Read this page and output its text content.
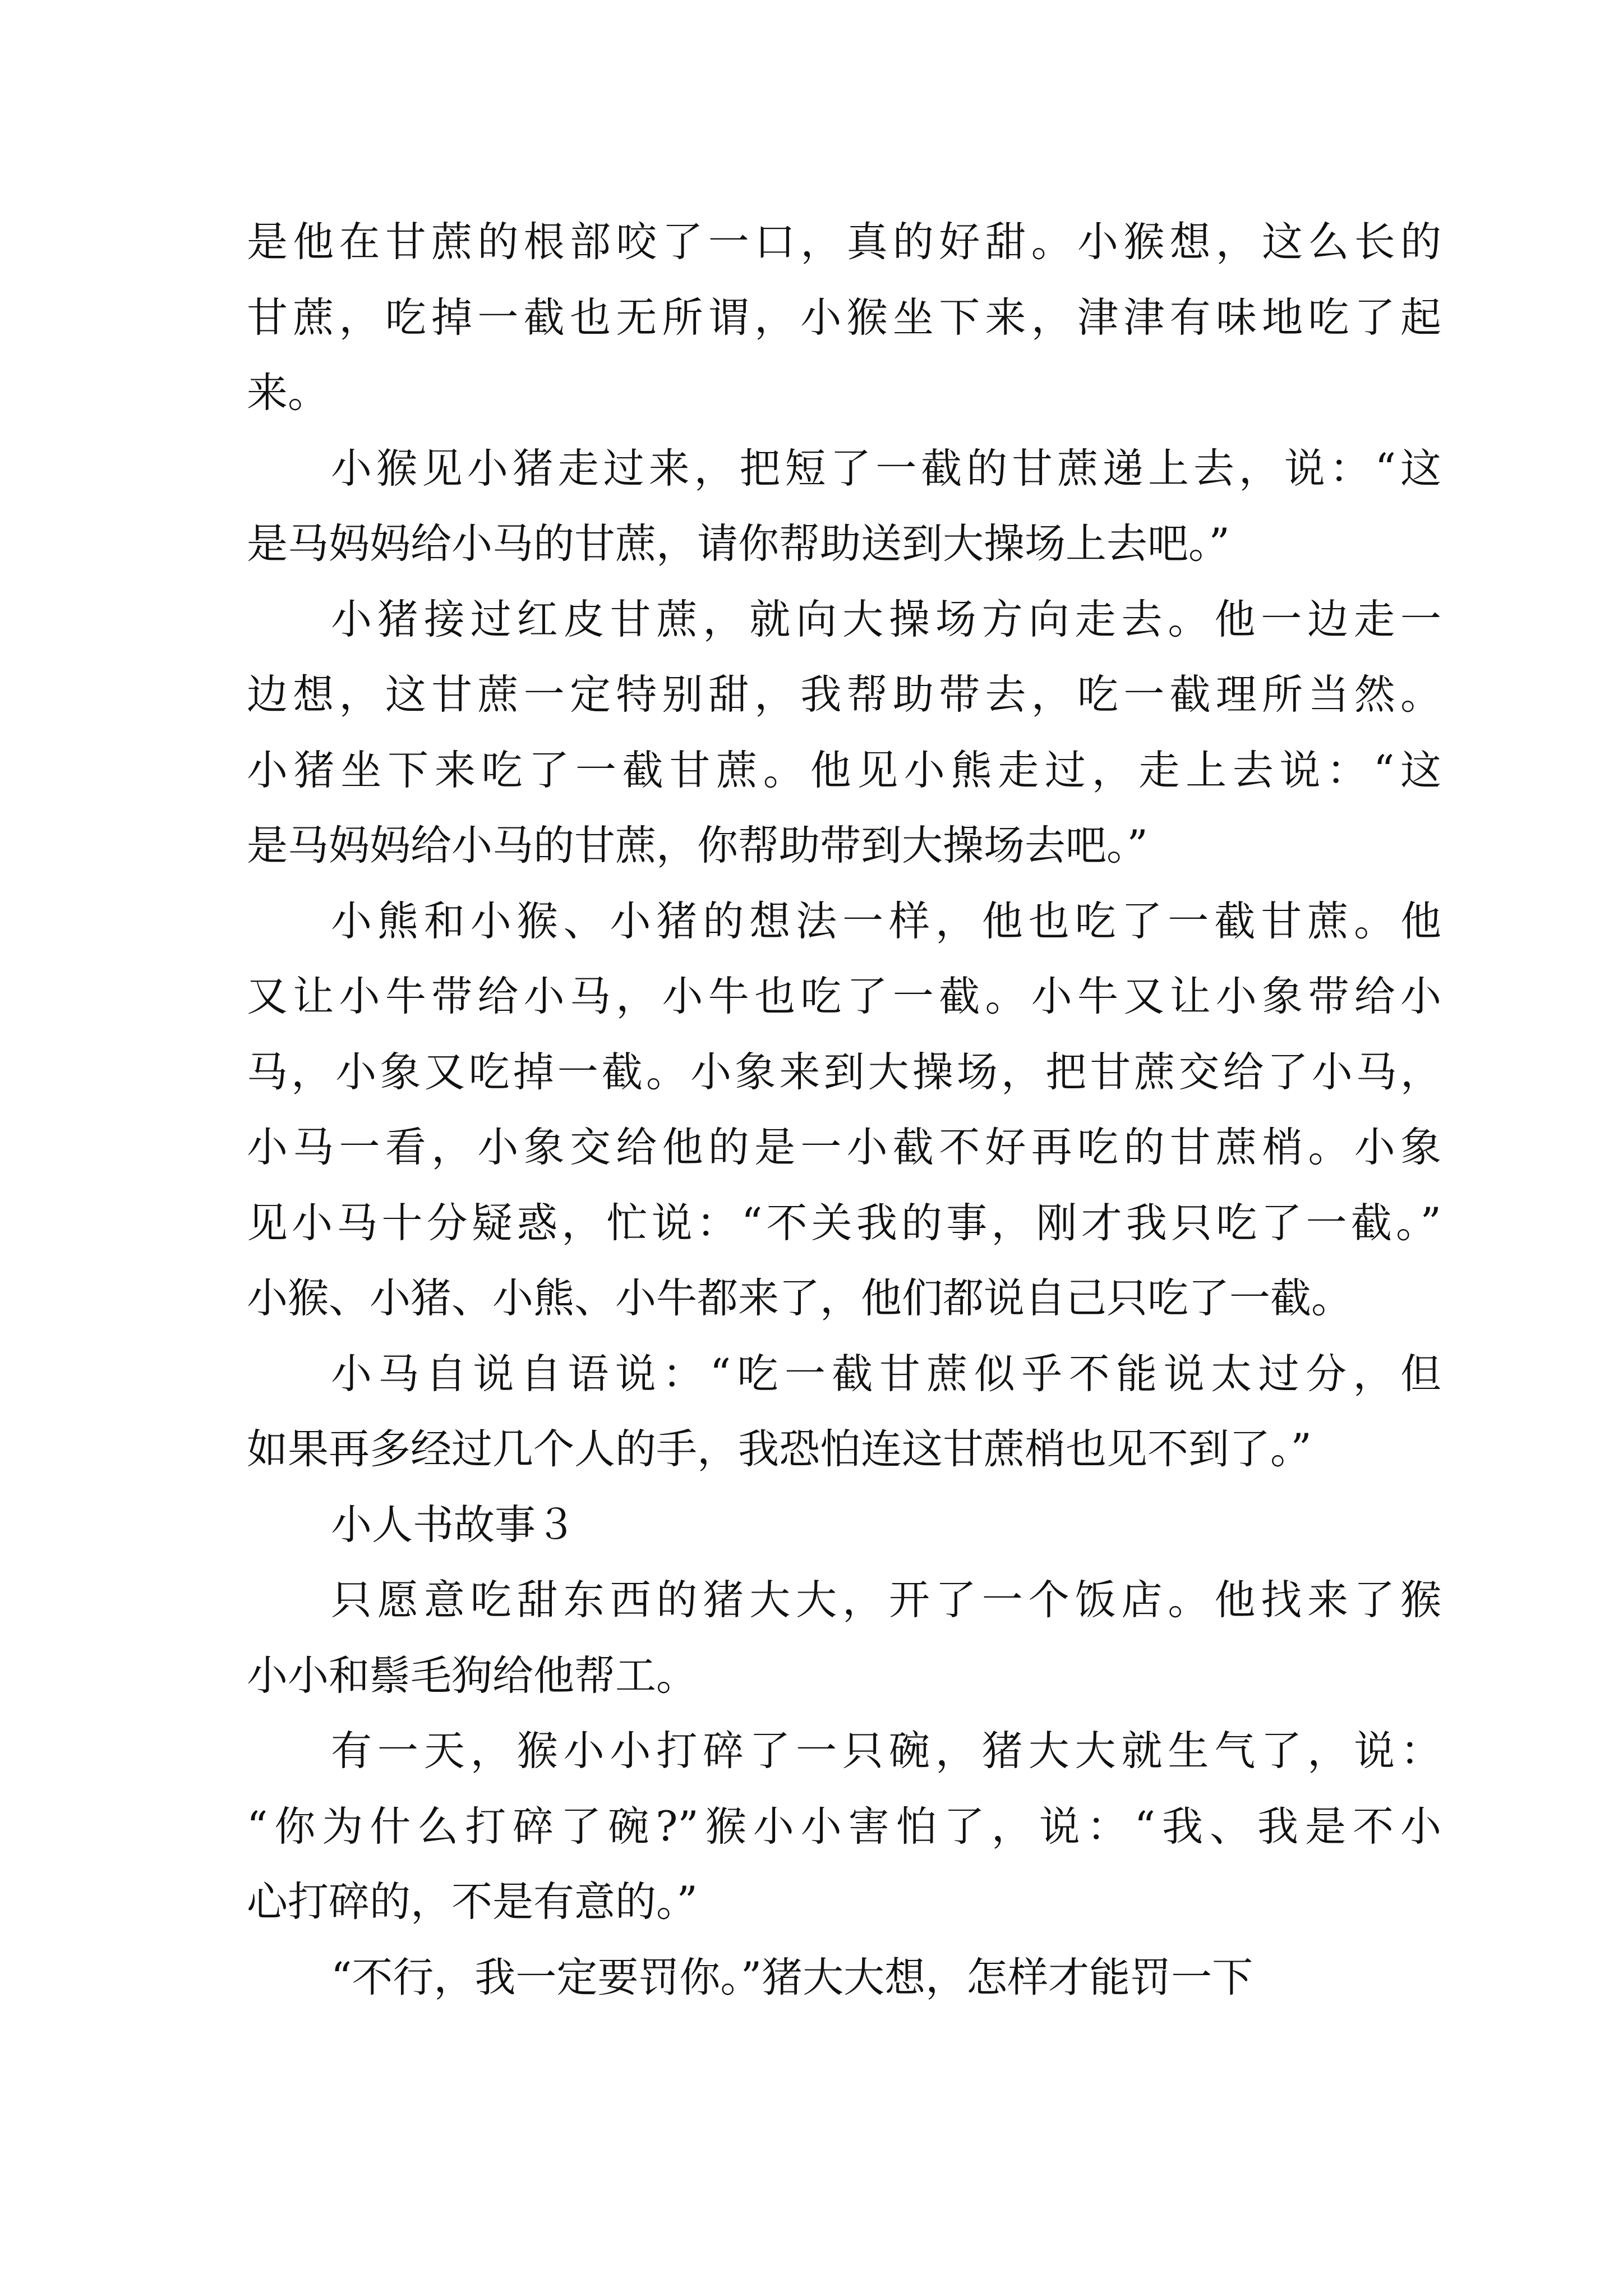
是他在甘蔗的根部咬了一口，真的好甜。小猴想，这么长的
甘蔗，吃掉一截也无所谓，小猴坐下来，津津有味地吃了起
来。
小猴见小猪走过来，把短了一截的甘蔗递上去，说：“这
是马妈妈给小马的甘蔗，请你帮助送到大操场上去吧。”
小猪接过红皮甘蔗，就向大操场方向走去。他一边走一
边想，这甘蔗一定特别甜，我帮助带去，吃一截理所当然。
小猪坐下来吃了一截甘蔗。他见小熊走过，走上去说：“这
是马妈妈给小马的甘蔗，你帮助带到大操场去吧。”
小熊和小猴、小猪的想法一样，他也吃了一截甘蔗。他
又让小牛带给小马，小牛也吃了一截。小牛又让小象带给小
马，小象又吃掉一截。小象来到大操场，把甘蔗交给了小马，
小马一看，小象交给他的是一小截不好再吃的甘蔗梢。小象
见小马十分疑惑，忙说：“不关我的事，刚才我只吃了一截。”
小猴、小猪、小熊、小牛都来了，他们都说自己只吃了一截。
小马自说自语说：“吃一截甘蔗似乎不能说太过分，但
如果再多经过几个人的手，我恐怕连这甘蔗梢也见不到了。”
小人书故事３
只愿意吃甜东西的猪大大，开了一个饭店。他找来了猴
小小和鬃毛狗给他帮工。
有一天，猴小小打碎了一只碗，猪大大就生气了，说：
“你为什么打碎了碗?”猴小小害怕了，说：“我、我是不小
心打碎的，不是有意的。”
“不行，我一定要罚你。”猪大大想，怎样才能罚一下
